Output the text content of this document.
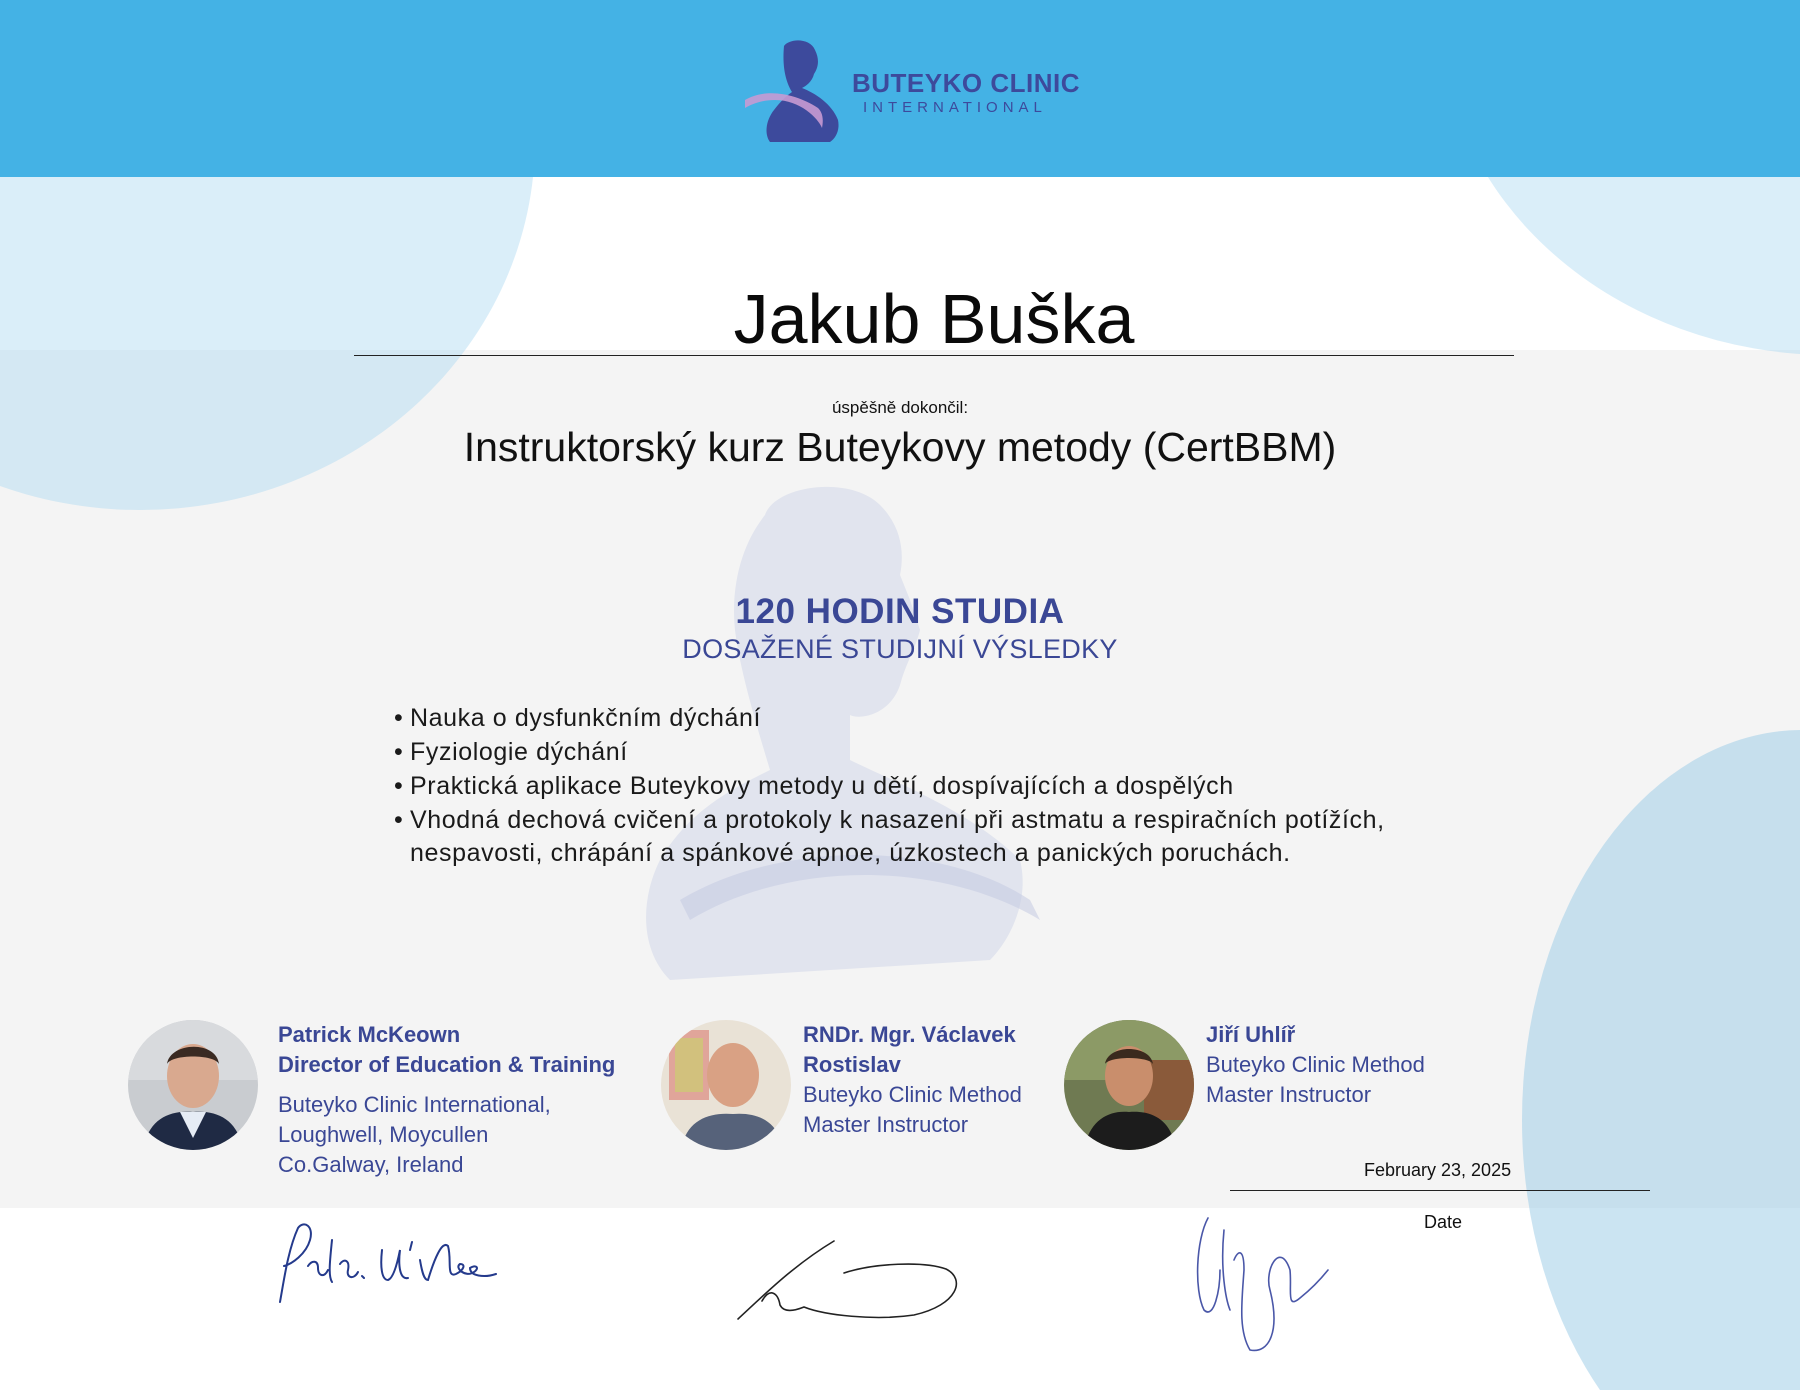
BUTEYKO CLINIC
INTERNATIONAL
Jakub Buška
úspěšně dokončil:
Instruktorský kurz Buteykovy metody (CertBBM)
120 HODIN STUDIA
DOSAŽENÉ STUDIJNÍ VÝSLEDKY
• Nauka o dysfunkčním dýchání
• Fyziologie dýchání
• Praktická aplikace Buteykovy metody u dětí, dospívajících a dospělých
• Vhodná dechová cvičení a protokoly k nasazení při astmatu a respiračních potížích, nespavosti, chrápání a spánkové apnoe, úzkostech a panických poruchách.
Patrick McKeown
Director of Education & Training
Buteyko Clinic International,
Loughwell, Moycullen
Co.Galway, Ireland
RNDr. Mgr. Václavek
Rostislav
Buteyko Clinic Method
Master Instructor
Jiří Uhlíř
Buteyko Clinic Method
Master Instructor
February 23, 2025
Date
